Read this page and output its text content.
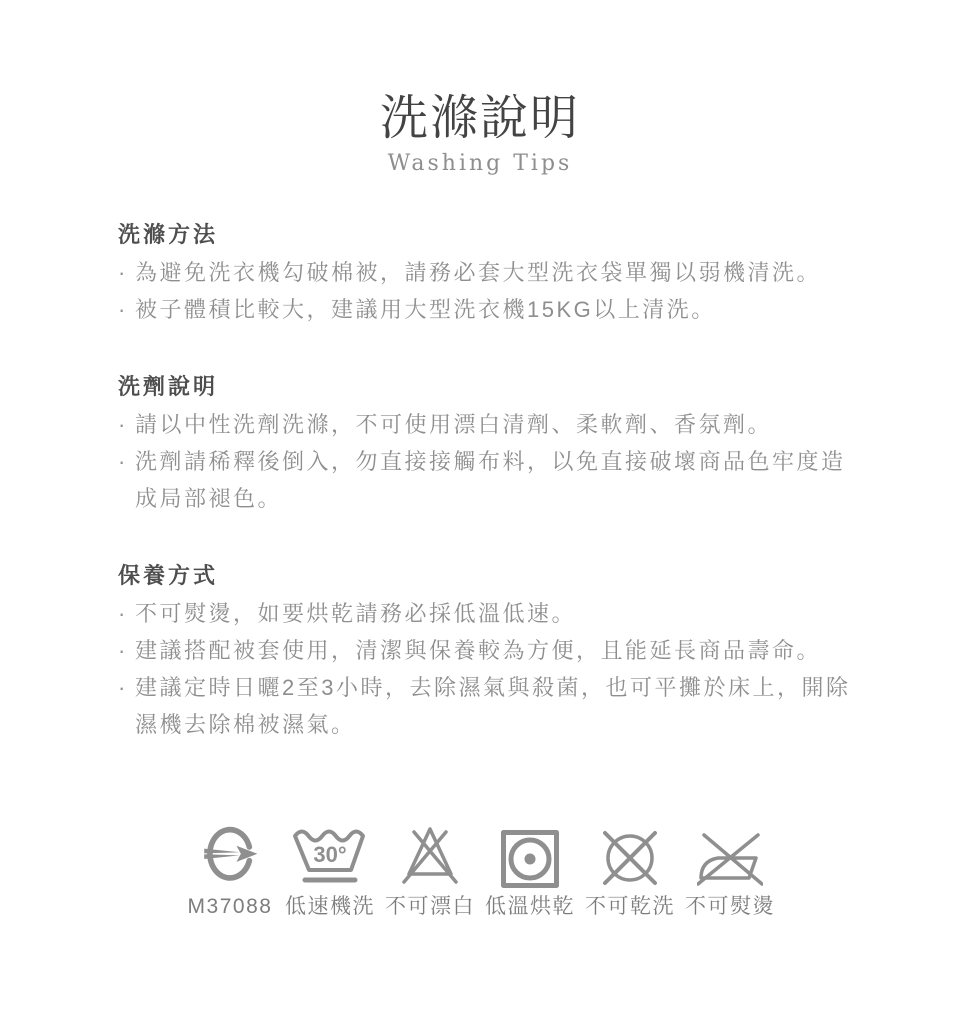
洗滌說明
Washing Tips
洗滌方法
· 為避免洗衣機勾破棉被，請務必套大型洗衣袋單獨以弱機清洗。
· 被子體積比較大，建議用大型洗衣機15KG以上清洗。
洗劑說明
· 請以中性洗劑洗滌，不可使用漂白清劑、柔軟劑、香氛劑。
· 洗劑請稀釋後倒入，勿直接接觸布料，以免直接破壞商品色牢度造成局部褪色。
保養方式
· 不可熨燙，如要烘乾請務必採低溫低速。
· 建議搭配被套使用，清潔與保養較為方便，且能延長商品壽命。
· 建議定時日曬2至3小時，去除濕氣與殺菌，也可平攤於床上，開除濕機去除棉被濕氣。
M37088
30°
低速機洗 不可漂白 低溫烘乾 不可乾洗 不可熨燙
